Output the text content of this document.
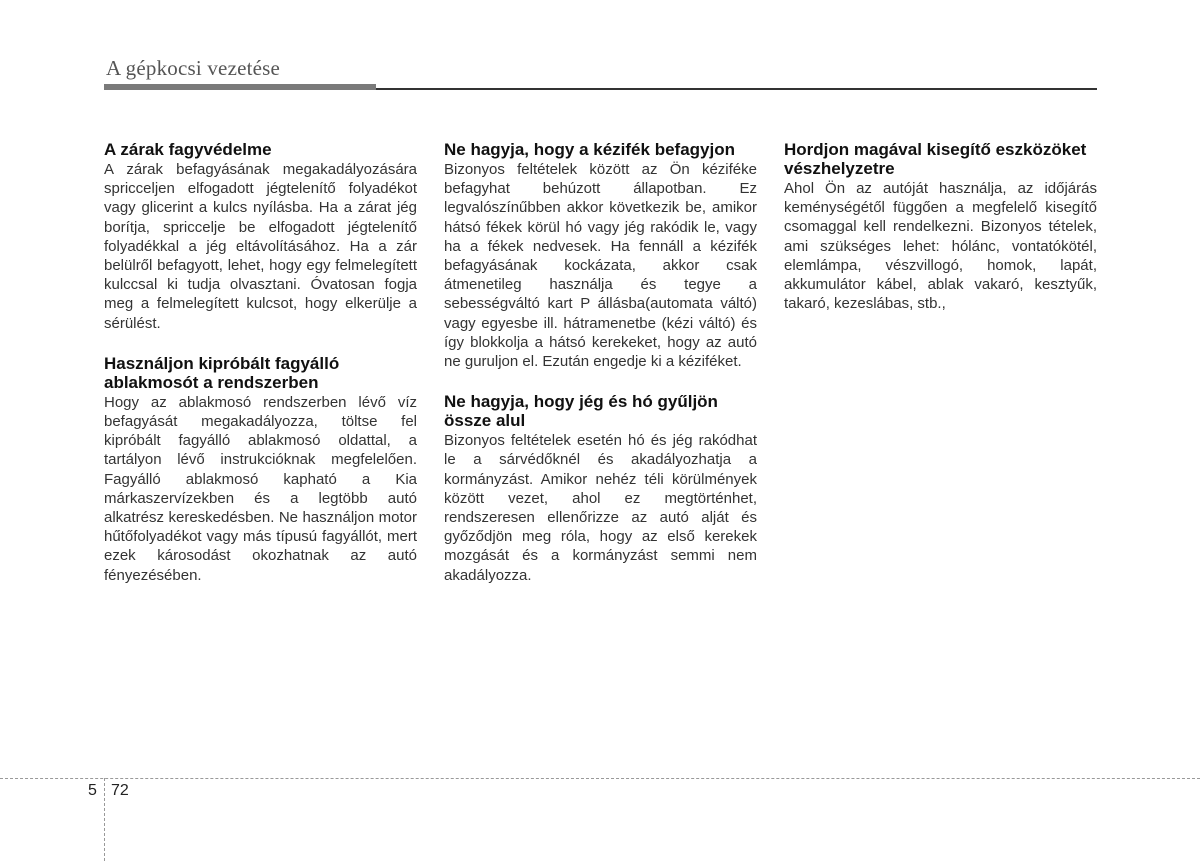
A gépkocsi vezetése
A zárak fagyvédelme

A zárak befagyásának megakadályozására spricceljen elfogadott jégtelenítő folyadékot vagy glicerint a kulcs nyílásba. Ha a zárat jég borítja, spriccelje be elfogadott jégtelenítő folyadékkal a jég eltávolításához. Ha a zár belülről befagyott, lehet, hogy egy felmelegített kulccsal ki tudja olvasztani. Óvatosan fogja meg a felmelegített kulcsot, hogy elkerülje a sérülést.

Használjon kipróbált fagyálló ablakmosót a rendszerben

Hogy az ablakmosó rendszerben lévő víz befagyását megakadályozza, töltse fel kipróbált fagyálló ablakmosó oldattal, a tartályon lévő instrukcióknak megfelelően. Fagyálló ablakmosó kapható a Kia márkaszervízekben és a legtöbb autó alkatrész kereskedésben. Ne használjon motor hűtőfolyadékot vagy más típusú fagyállót, mert ezek károsodást okozhatnak az autó fényezésében.

Ne hagyja, hogy a kézifék befagyjon

Bizonyos feltételek között az Ön kézifékе befagyhat behúzott állapotban. Ez legvalószínűbben akkor következik be, amikor hátsó fékek körül hó vagy jég rakódik le, vagy ha a fékek nedvesek. Ha fennáll a kézifék befagyásának kockázata, akkor csak átmenetileg használja és tegye a sebességváltó kart P állásba(automata váltó) vagy egyesbe ill. hátramenetbe (kézi váltó) és így blokkolja a hátsó kerekeket, hogy az autó ne guruljon el. Ezután engedje ki a kéziféket.

Ne hagyja, hogy jég és hó gyűljön össze alul

Bizonyos feltételek esetén hó és jég rakódhat le a sárvédőknél és akadályozhatja a kormányzást. Amikor nehéz téli körülmények között vezet, ahol ez megtörténhet, rendszeresen ellenőrizze az autó alját és győződjön meg róla, hogy az első kerekek mozgását és a kormányzást semmi nem akadályozza.

Hordjon magával kisegítő eszközöket vészhelyzetre

Ahol Ön az autóját használja, az időjárás keménységétől függően a megfelelő kisegítő csomaggal kell rendelkezni. Bizonyos tételek, ami szükséges lehet: hólánc, vontatókötél, elemlámpa, vészvillogó, homok, lapát, akkumulátor kábel, ablak vakaró, kesztyűk, takaró, kezeslábas, stb.,

5 72
